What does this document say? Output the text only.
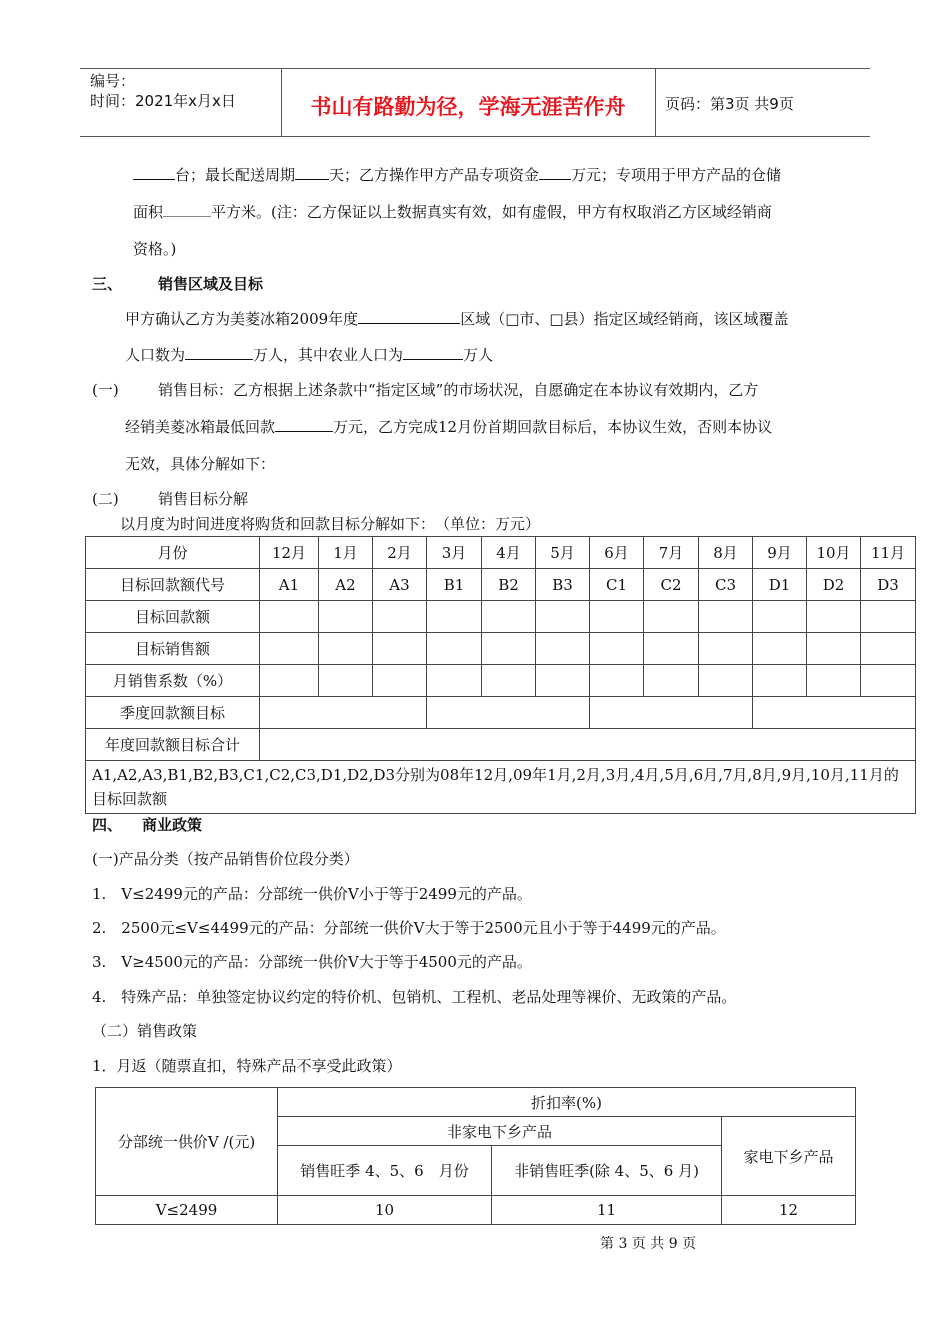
编号：
时间：2021年x月x日	书山有路勤为径，学海无涯苦作舟	页码：第3页 共9页
台；最长配送周期 天；乙方操作甲方产品专项资金 万元；专项用于甲方产品的仓储
面积	平方米。(注：乙方保证以上数据真实有效，如有虚假，甲方有权取消乙方区域经销商
资格。)
三、 销售区域及目标
甲方确认乙方为美菱冰箱2009年度	区域（□市、□县）指定区域经销商，该区域覆盖
人口数为	万人，其中农业人口为	万人
(一)	销售目标：乙方根据上述条款中“指定区域”的市场状况，自愿确定在本协议有效期内，乙方
经销美菱冰箱最低回款	万元，乙方完成12月份首期回款目标后，本协议生效，否则本协议
无效，具体分解如下：
(二)	销售目标分解
以月度为时间进度将购货和回款目标分解如下：　（单位：万元）
月份	12月	1月	2月	3月	4月	5月	6月	7月	8月	9月	10月	11月
目标回款额代号	A1	A2	A3	B1	B2	B3	C1	C2	C3	D1	D2	D3
目标回款额												
目标销售额												
月销售系数（%）												
季度回款额目标												
年度回款额目标合计												
A1,A2,A3,B1,B2,B3,C1,C2,C3,D1,D2,D3分别为08年12月,09年1月,2月,3月,4月,5月,6月,7月,8月,9月,10月,11月的目标回款额												
四、 商业政策
(一)产品分类（按产品销售价位段分类）
1.　V≤2499元的产品：分部统一供价V小于等于2499元的产品。
2.　2500元≤V≤4499元的产品：分部统一供价V大于等于2500元且小于等于4499元的产品。
3.　V≥4500元的产品：分部统一供价V大于等于4500元的产品。
4.　特殊产品：单独签定协议约定的特价机、包销机、工程机、老品处理等裸价、无政策的产品。
（二）销售政策
1．月返（随票直扣，特殊产品不享受此政策）
分部统一供价V /(元)	折扣率(%)		
	非家电下乡产品		家电下乡产品
	销售旺季 4、5、6　月份	非销售旺季(除 4、5、6 月)	
V≤2499	10	11	12
第 3 页 共 9 页
